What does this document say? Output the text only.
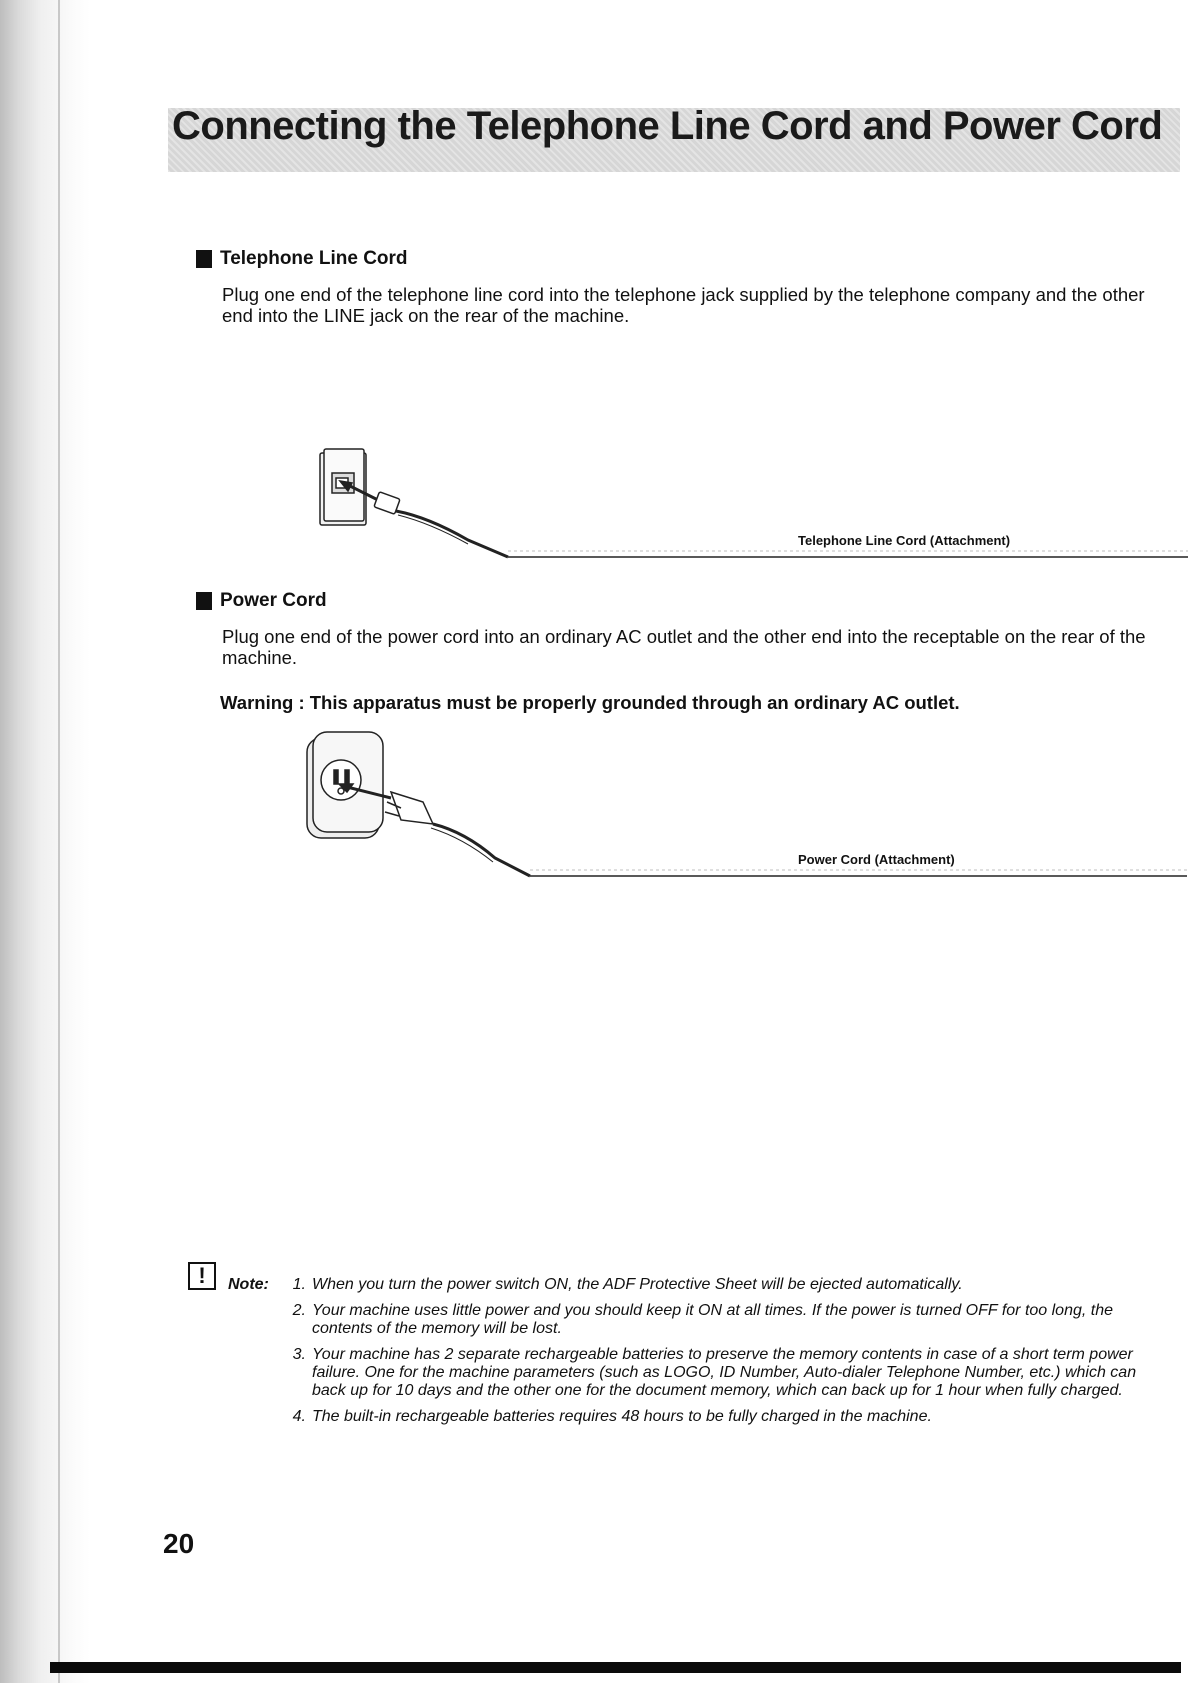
Connecting the Telephone Line Cord and Power Cord
Telephone Line Cord

Plug one end of the telephone line cord into the telephone jack supplied by the telephone company and the other end into the LINE jack on the rear of the machine.

Telephone Line Cord (Attachment)

Power Cord

Plug one end of the power cord into an ordinary AC outlet and the other end into the receptable on the rear of the machine.

Warning : This apparatus must be properly grounded through an ordinary AC outlet.

Power Cord (Attachment)

!	Note:	1. When you turn the power switch ON, the ADF Protective Sheet will be ejected automatically.
2. Your machine uses little power and you should keep it ON at all times. If the power is turned OFF for too long, the contents of the memory will be lost.
3. Your machine has 2 separate rechargeable batteries to preserve the memory contents in case of a short term power failure. One for the machine parameters (such as LOGO, ID Number, Auto-dialer Telephone Number, etc.) which can back up for 10 days and the other one for the document memory, which can back up for 1 hour when fully charged.
4. The built-in rechargeable batteries requires 48 hours to be fully charged in the machine.

20
